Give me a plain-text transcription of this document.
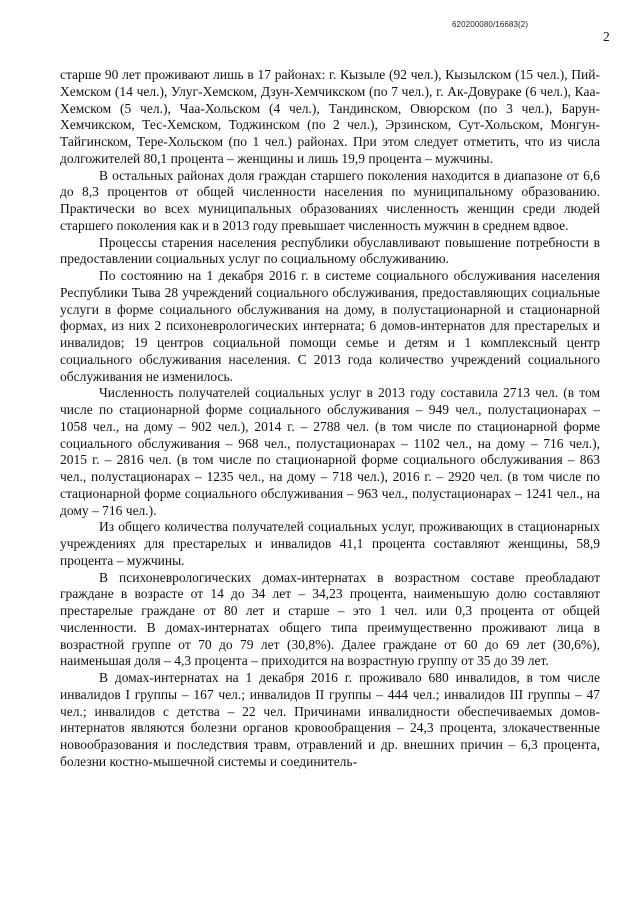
620200080/16683(2)
2

старше 90 лет проживают лишь в 17 районах: г. Кызыле (92 чел.), Кызылском (15 чел.), Пий-Хемском (14 чел.), Улуг-Хемском, Дзун-Хемчикском (по 7 чел.), г. Ак-Довураке (6 чел.), Каа-Хемском (5 чел.), Чаа-Хольском (4 чел.), Тандинском, Овюрском (по 3 чел.), Барун-Хемчикском, Тес-Хемском, Тоджинском (по 2 чел.), Эрзинском, Сут-Хольском, Монгун-Тайгинском, Тере-Хольском (по 1 чел.) районах. При этом следует отметить, что из числа долгожителей 80,1 процента – женщины и лишь 19,9 процента – мужчины.

В остальных районах доля граждан старшего поколения находится в диапазоне от 6,6 до 8,3 процентов от общей численности населения по муниципальному образованию. Практически во всех муниципальных образованиях численность женщин среди людей старшего поколения как и в 2013 году превышает численность мужчин в среднем вдвое.

Процессы старения населения республики обуславливают повышение потребности в предоставлении социальных услуг по социальному обслуживанию.

По состоянию на 1 декабря 2016 г. в системе социального обслуживания населения Республики Тыва 28 учреждений социального обслуживания, предоставляющих социальные услуги в форме социального обслуживания на дому, в полустационарной и стационарной формах, из них 2 психоневрологических интерната; 6 домов-интернатов для престарелых и инвалидов; 19 центров социальной помощи семье и детям и 1 комплексный центр социального обслуживания населения. С 2013 года количество учреждений социального обслуживания не изменилось.

Численность получателей социальных услуг в 2013 году составила 2713 чел. (в том числе по стационарной форме социального обслуживания – 949 чел., полустационарах – 1058 чел., на дому – 902 чел.), 2014 г. – 2788 чел. (в том числе по стационарной форме социального обслуживания – 968 чел., полустационарах – 1102 чел., на дому – 716 чел.), 2015 г. – 2816 чел. (в том числе по стационарной форме социального обслуживания – 863 чел., полустационарах – 1235 чел., на дому – 718 чел.), 2016 г. – 2920 чел. (в том числе по стационарной форме социального обслуживания – 963 чел., полустационарах – 1241 чел., на дому – 716 чел.).

Из общего количества получателей социальных услуг, проживающих в стационарных учреждениях для престарелых и инвалидов 41,1 процента составляют женщины, 58,9 процента – мужчины.

В психоневрологических домах-интернатах в возрастном составе преобладают граждане в возрасте от 14 до 34 лет – 34,23 процента, наименьшую долю составляют престарелые граждане от 80 лет и старше – это 1 чел. или 0,3 процента от общей численности. В домах-интернатах общего типа преимущественно проживают лица в возрастной группе от 70 до 79 лет (30,8%). Далее граждане от 60 до 69 лет (30,6%), наименьшая доля – 4,3 процента – приходится на возрастную группу от 35 до 39 лет.

В домах-интернатах на 1 декабря 2016 г. проживало 680 инвалидов, в том числе инвалидов I группы – 167 чел.; инвалидов II группы – 444 чел.; инвалидов III группы – 47 чел.; инвалидов с детства – 22 чел. Причинами инвалидности обеспечиваемых домов-интернатов являются болезни органов кровообращения – 24,3 процента, злокачественные новообразования и последствия травм, отравлений и др. внешних причин – 6,3 процента, болезни костно-мышечной системы и соединитель-
